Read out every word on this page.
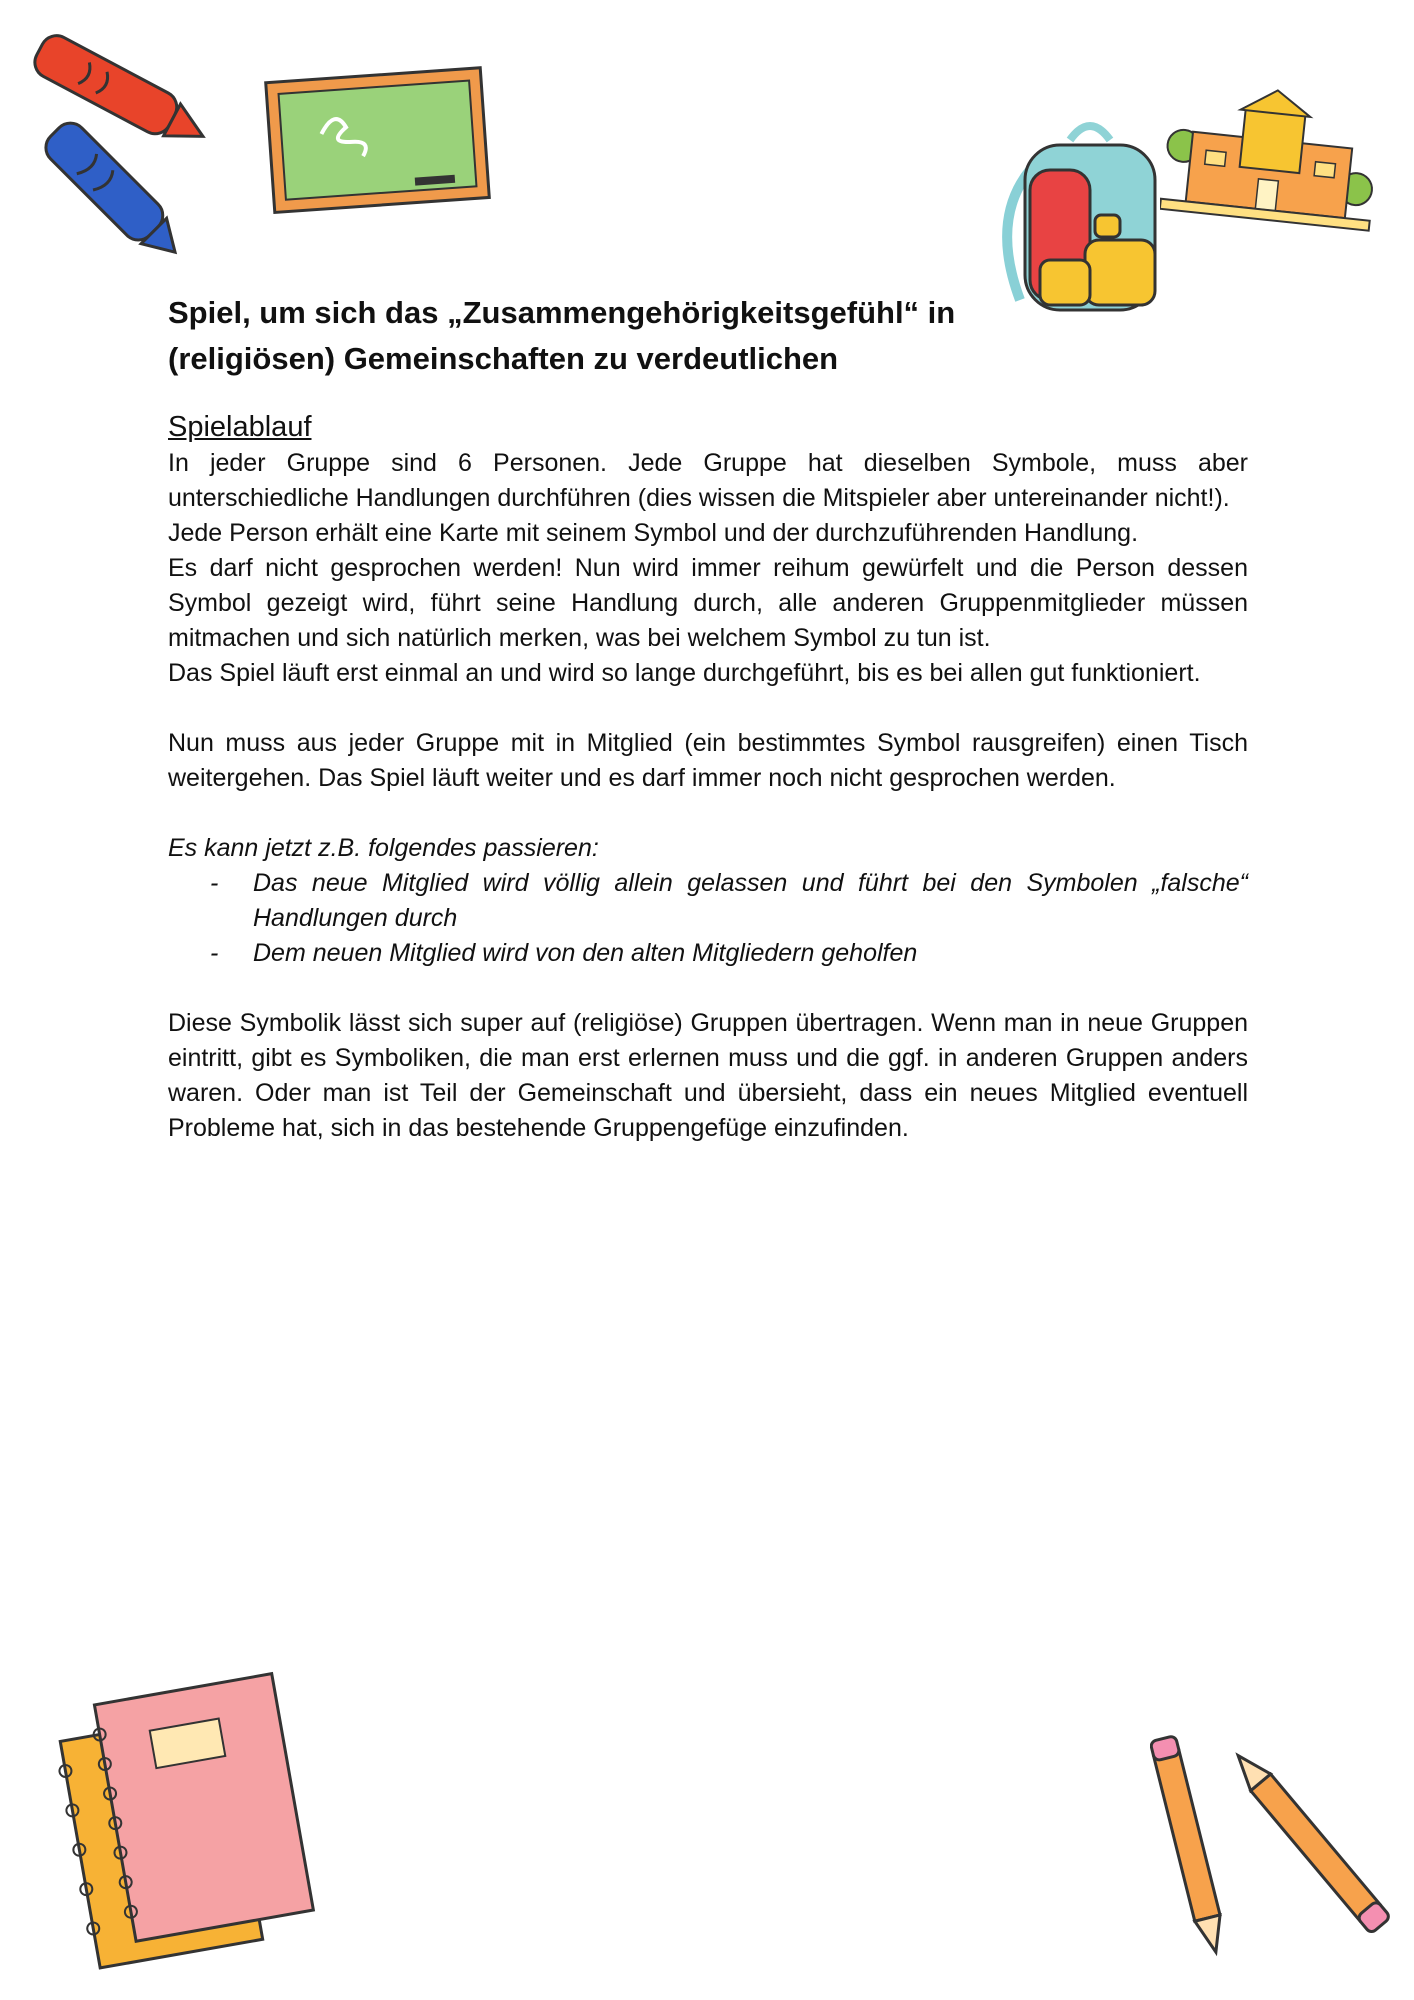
Spiel, um sich das „Zusammengehörigkeitsgefühl“ in (religiösen) Gemeinschaften zu verdeutlichen
Spielablauf

In jeder Gruppe sind 6 Personen. Jede Gruppe hat dieselben Symbole, muss aber unterschiedliche Handlungen durchführen (dies wissen die Mitspieler aber untereinander nicht!).

Jede Person erhält eine Karte mit seinem Symbol und der durchzuführenden Handlung.

Es darf nicht gesprochen werden! Nun wird immer reihum gewürfelt und die Person dessen Symbol gezeigt wird, führt seine Handlung durch, alle anderen Gruppenmitglieder müssen mitmachen und sich natürlich merken, was bei welchem Symbol zu tun ist.

Das Spiel läuft erst einmal an und wird so lange durchgeführt, bis es bei allen gut funktioniert.

Nun muss aus jeder Gruppe mit in Mitglied (ein bestimmtes Symbol rausgreifen) einen Tisch weitergehen. Das Spiel läuft weiter und es darf immer noch nicht gesprochen werden.

Es kann jetzt z.B. folgendes passieren:

- Das neue Mitglied wird völlig allein gelassen und führt bei den Symbolen „falsche“ Handlungen durch
- Dem neuen Mitglied wird von den alten Mitgliedern geholfen

Diese Symbolik lässt sich super auf (religiöse) Gruppen übertragen. Wenn man in neue Gruppen eintritt, gibt es Symboliken, die man erst erlernen muss und die ggf. in anderen Gruppen anders waren. Oder man ist Teil der Gemeinschaft und übersieht, dass ein neues Mitglied eventuell Probleme hat, sich in das bestehende Gruppengefüge einzufinden.
